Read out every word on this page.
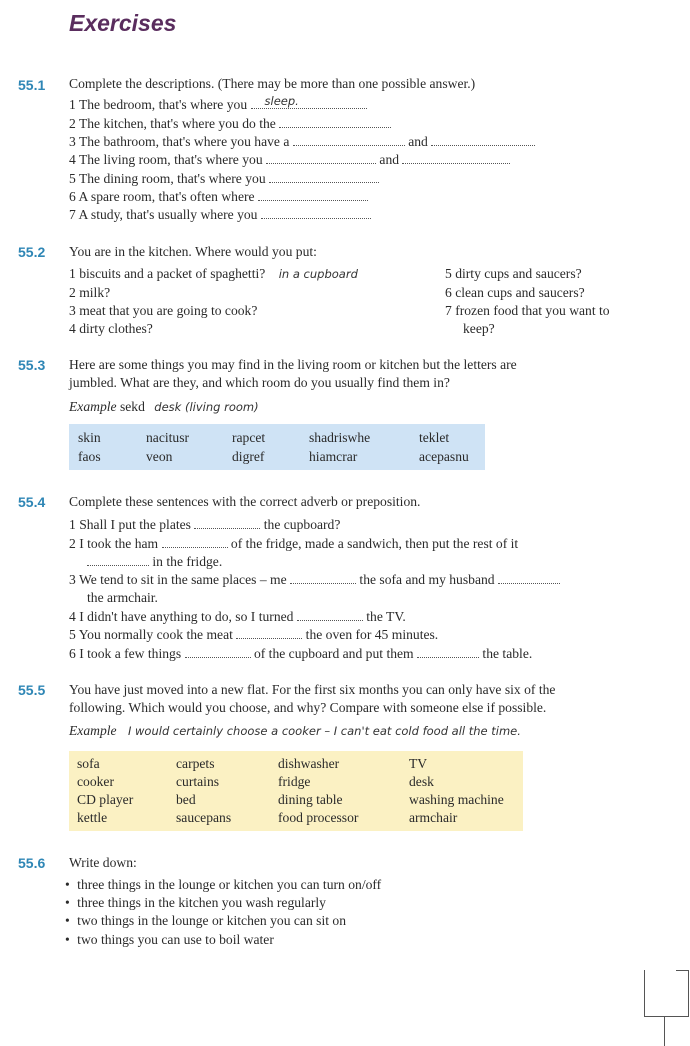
Exercises
55.1 Complete the descriptions. (There may be more than one possible answer.)
1 The bedroom, that's where you sleep.
2 The kitchen, that's where you do the
3 The bathroom, that's where you have a	and
4 The living room, that's where you	and
5 The dining room, that's where you
6 A spare room, that's often where
7 A study, that's usually where you
55.2 You are in the kitchen. Where would you put:
1 biscuits and a packet of spaghetti? in a cupboard
2 milk?
3 meat that you are going to cook?
4 dirty clothes?
5 dirty cups and saucers?
6 clean cups and saucers?
7 frozen food that you want to
keep?
55.3 Here are some things you may find in the living room or kitchen but the letters are
jumbled. What are they, and which room do you usually find them in?
Example sekd desk (living room)
skin	nacitusr	rapcet	shadriswhe	teklet
faos	veon	digref	hiamcrar	acepasnu
55.4 Complete these sentences with the correct adverb or preposition.
1 Shall I put the plates	the cupboard?
2 I took the ham	of the fridge, made a sandwich, then put the rest of it
in the fridge.
3 We tend to sit in the same places – me	the sofa and my husband
the armchair.
4 I didn't have anything to do, so I turned	the TV.
5 You normally cook the meat	the oven for 45 minutes.
6 I took a few things	of the cupboard and put them	the table.
55.5 You have just moved into a new flat. For the first six months you can only have six of the
following. Which would you choose, and why? Compare with someone else if possible.
Example I would certainly choose a cooker – I can't eat cold food all the time.
sofa	carpets	dishwasher	TV
cooker	curtains	fridge	desk
CD player	bed	dining table	washing machine
kettle	saucepans	food processor	armchair
55.6 Write down:
• three things in the lounge or kitchen you can turn on/off
• three things in the kitchen you wash regularly
• two things in the lounge or kitchen you can sit on
• two things you can use to boil water
